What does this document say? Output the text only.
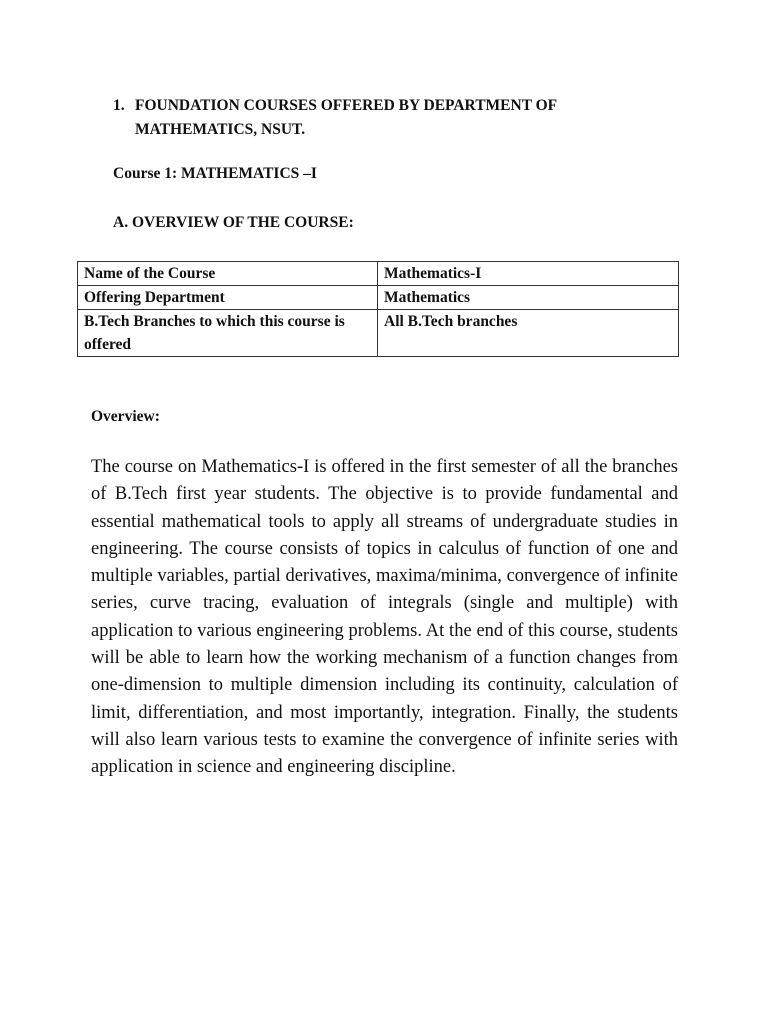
1. FOUNDATION COURSES OFFERED BY DEPARTMENT OF MATHEMATICS, NSUT.
Course 1: MATHEMATICS –I
A. OVERVIEW OF THE COURSE:
Name of the Course	Mathematics-I
Offering Department	Mathematics
B.Tech Branches to which this course is offered	All B.Tech branches
Overview:

The course on Mathematics-I is offered in the first semester of all the branches of B.Tech first year students. The objective is to provide fundamental and essential mathematical tools to apply all streams of undergraduate studies in engineering. The course consists of topics in calculus of function of one and multiple variables, partial derivatives, maxima/minima, convergence of infinite series, curve tracing, evaluation of integrals (single and multiple) with application to various engineering problems. At the end of this course, students will be able to learn how the working mechanism of a function changes from one-dimension to multiple dimension including its continuity, calculation of limit, differentiation, and most importantly, integration. Finally, the students will also learn various tests to examine the convergence of infinite series with application in science and engineering discipline.
